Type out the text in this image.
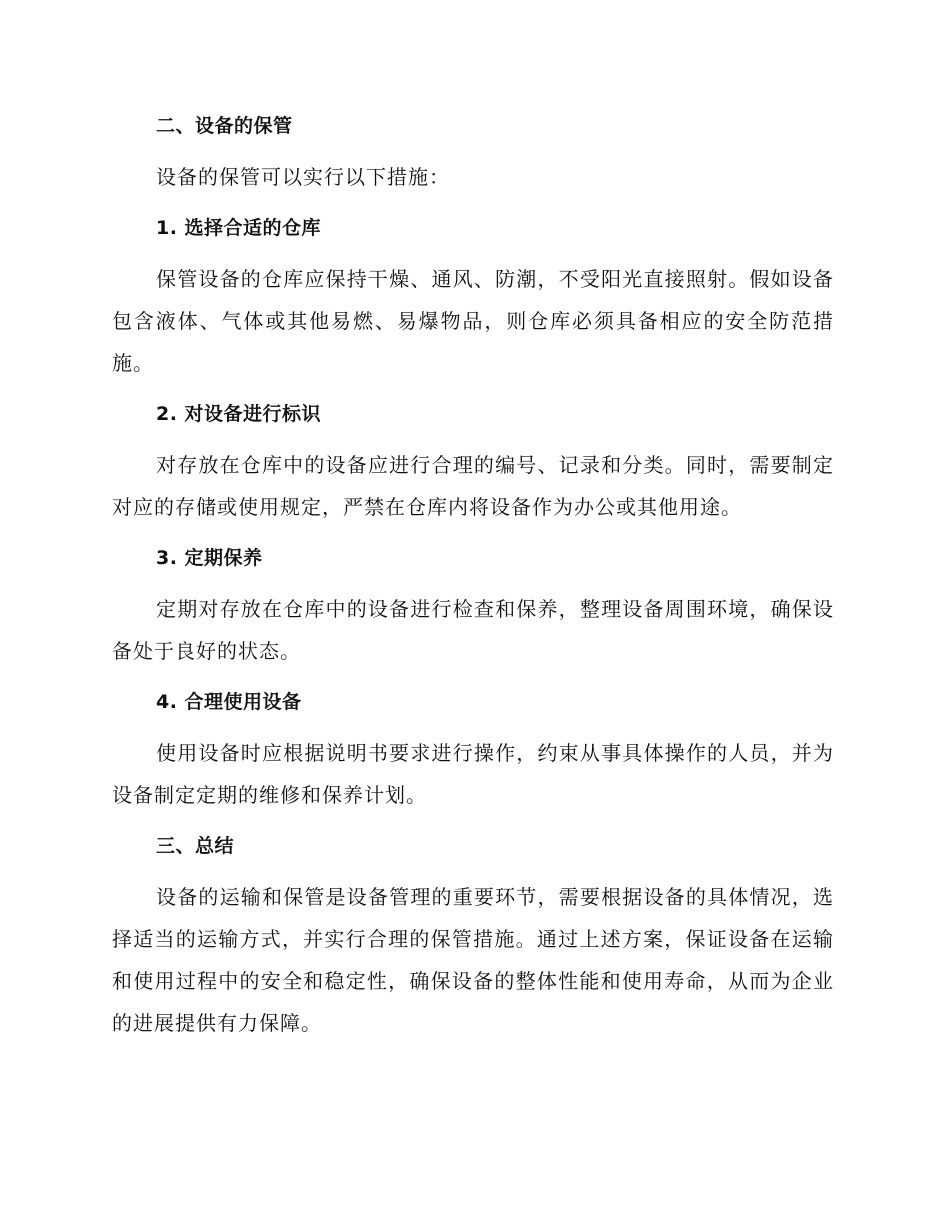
二、设备的保管
设备的保管可以实行以下措施：
1. 选择合适的仓库
保管设备的仓库应保持干燥、通风、防潮，不受阳光直接照射。假如设备包含液体、气体或其他易燃、易爆物品，则仓库必须具备相应的安全防范措施。
2. 对设备进行标识
对存放在仓库中的设备应进行合理的编号、记录和分类。同时，需要制定对应的存储或使用规定，严禁在仓库内将设备作为办公或其他用途。
3. 定期保养
定期对存放在仓库中的设备进行检查和保养，整理设备周围环境，确保设备处于良好的状态。
4. 合理使用设备
使用设备时应根据说明书要求进行操作，约束从事具体操作的人员，并为设备制定定期的维修和保养计划。
三、总结
设备的运输和保管是设备管理的重要环节，需要根据设备的具体情况，选择适当的运输方式，并实行合理的保管措施。通过上述方案，保证设备在运输和使用过程中的安全和稳定性，确保设备的整体性能和使用寿命，从而为企业的进展提供有力保障。
